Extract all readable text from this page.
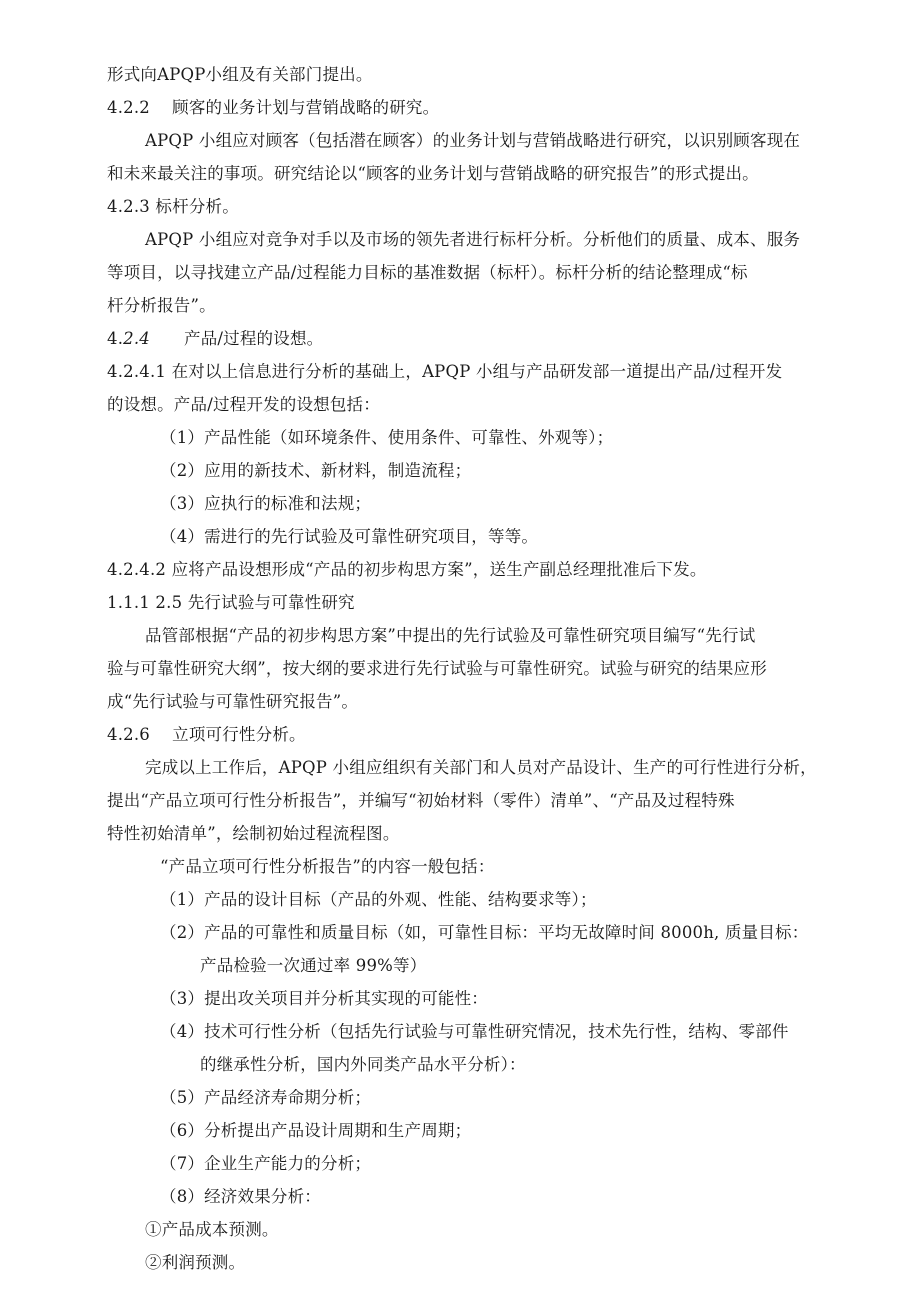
形式向APQP小组及有关部门提出。
4.2.2　 顾客的业务计划与营销战略的研究。
APQP 小组应对顾客（包括潜在顾客）的业务计划与营销战略进行研究，以识别顾客现在
和未来最关注的事项。研究结论以“顾客的业务计划与营销战略的研究报告”的形式提出。
4.2.3 标杆分析。
APQP 小组应对竞争对手以及市场的领先者进行标杆分析。分析他们的质量、成本、服务
等项目，以寻找建立产品/过程能力目标的基准数据（标杆）。标杆分析的结论整理成“标
杆分析报告”。
4.2.4 产品/过程的设想。
4.2.4.1 在对以上信息进行分析的基础上，APQP 小组与产品研发部一道提出产品/过程开发
的设想。产品/过程开发的设想包括：
（1）产品性能（如环境条件、使用条件、可靠性、外观等）；
（2）应用的新技术、新材料，制造流程；
（3）应执行的标准和法规；
（4）需进行的先行试验及可靠性研究项目，等等。
4.2.4.2 应将产品设想形成“产品的初步构思方案”，送生产副总经理批准后下发。
1.1.1 2.5 先行试验与可靠性研究
品管部根据“产品的初步构思方案”中提出的先行试验及可靠性研究项目编写“先行试
验与可靠性研究大纲”，按大纲的要求进行先行试验与可靠性研究。试验与研究的结果应形
成“先行试验与可靠性研究报告”。
4.2.6　 立项可行性分析。
完成以上工作后，APQP 小组应组织有关部门和人员对产品设计、生产的可行性进行分析，
提出“产品立项可行性分析报告”，并编写“初始材料（零件）清单”、“产品及过程特殊
特性初始清单”，绘制初始过程流程图。
“产品立项可行性分析报告”的内容一般包括：
（1）产品的设计目标（产品的外观、性能、结构要求等）；
（2）产品的可靠性和质量目标（如，可靠性目标：平均无故障时间 8000h, 质量目标：
产品检验一次通过率 99%等）
（3）提出攻关项目并分析其实现的可能性：
（4）技术可行性分析（包括先行试验与可靠性研究情况，技术先行性，结构、零部件
的继承性分析，国内外同类产品水平分析）：
（5）产品经济寿命期分析；
（6）分析提出产品设计周期和生产周期；
（7）企业生产能力的分析；
（8）经济效果分析：
①产品成本预测。
②利润预测。
